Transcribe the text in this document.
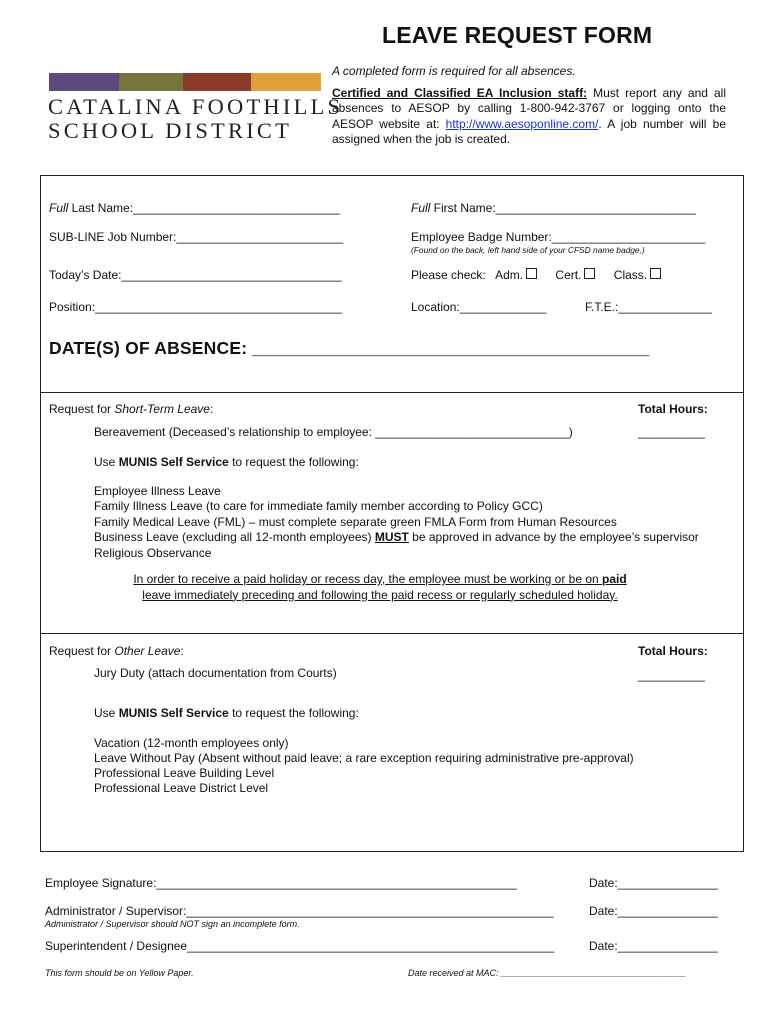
LEAVE REQUEST FORM
CATALINA FOOTHILLS
SCHOOL DISTRICT
A completed form is required for all absences.
Certified and Classified EA Inclusion staff: Must report any and all absences to AESOP by calling 1-800-942-3767 or logging onto the AESOP website at: http://www.aesoponline.com/. A job number will be assigned when the job is created.
Full Last Name:_______________________________	Full First Name:______________________________
SUB-LINE Job Number:_________________________	Employee Badge Number:_______________________
(Found on the back, left hand side of your CFSD name badge.)
Today’s Date:_________________________________	Please check: Adm.	Cert.	Class.
Position:_____________________________________	Location:_____________	F.T.E.:______________
DATE(S) OF ABSENCE: ________________________________________
Request for Short-Term Leave:	Total Hours:
Bereavement (Deceased’s relationship to employee: _____________________________)	__________
Use MUNIS Self Service to request the following:
Employee Illness Leave
Family Illness Leave (to care for immediate family member according to Policy GCC)
Family Medical Leave (FML) – must complete separate green FMLA Form from Human Resources
Business Leave (excluding all 12-month employees) MUST be approved in advance by the employee’s supervisor
Religious Observance
In order to receive a paid holiday or recess day, the employee must be working or be on paid
leave immediately preceding and following the paid recess or regularly scheduled holiday.
Request for Other Leave:	Total Hours:
Jury Duty (attach documentation from Courts)	__________
Use MUNIS Self Service to request the following:
Vacation (12-month employees only)
Leave Without Pay (Absent without paid leave; a rare exception requiring administrative pre-approval)
Professional Leave Building Level
Professional Leave District Level
Employee Signature:______________________________________________________	Date:_______________
Administrator / Supervisor:_______________________________________________________	Date:_______________
Administrator / Supervisor should NOT sign an incomplete form.
Superintendent / Designee_______________________________________________________	Date:_______________
This form should be on Yellow Paper.	Date received at MAC: _____________________________________
